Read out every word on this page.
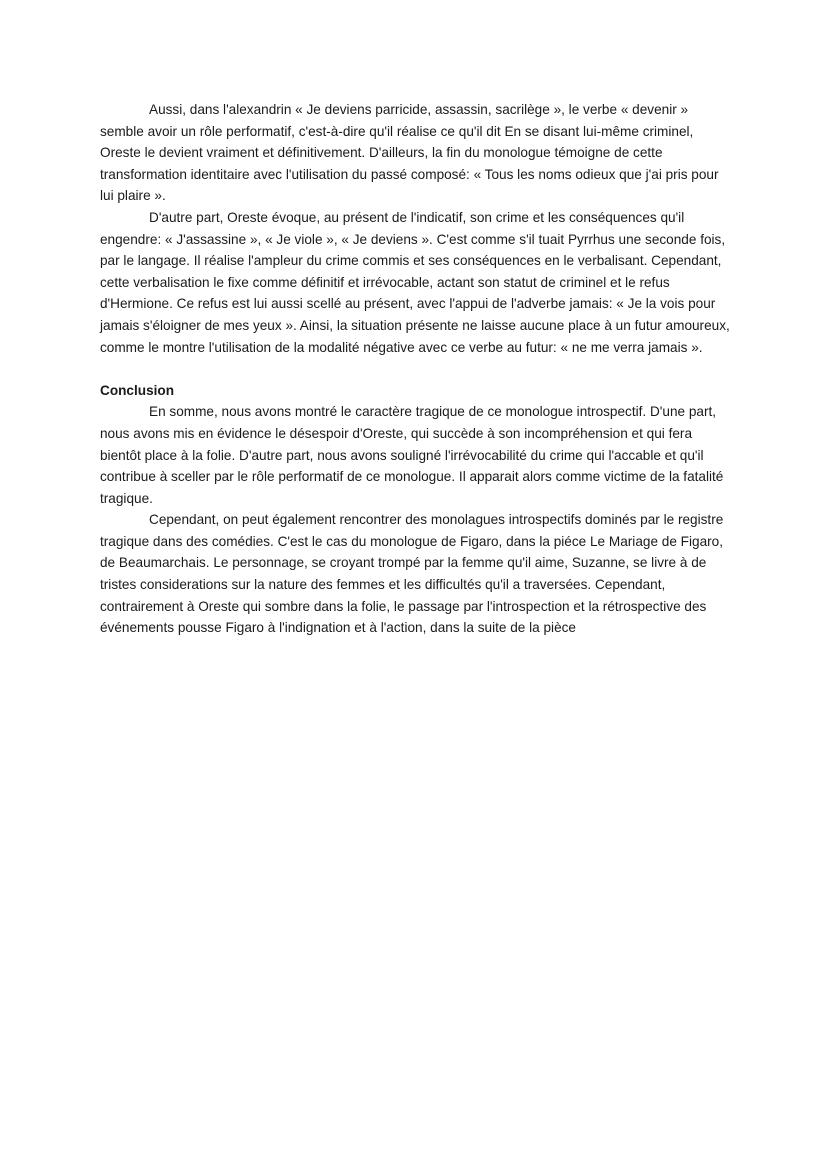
Aussi, dans l'alexandrin « Je deviens parricide, assassin, sacrilège », le verbe « devenir » semble avoir un rôle performatif, c'est-à-dire qu'il réalise ce qu'il dit En se disant lui-même criminel, Oreste le devient vraiment et définitivement. D'ailleurs, la fin du monologue témoigne de cette transformation identitaire avec l'utilisation du passé composé: « Tous les noms odieux que j'ai pris pour lui plaire ».

D'autre part, Oreste évoque, au présent de l'indicatif, son crime et les conséquences qu'il engendre: « J'assassine », « Je viole », « Je deviens ». C'est comme s'il tuait Pyrrhus une seconde fois, par le langage. Il réalise l'ampleur du crime commis et ses conséquences en le verbalisant. Cependant, cette verbalisation le fixe comme définitif et irrévocable, actant son statut de criminel et le refus d'Hermione. Ce refus est lui aussi scellé au présent, avec l'appui de l'adverbe jamais: « Je la vois pour jamais s'éloigner de mes yeux ». Ainsi, la situation présente ne laisse aucune place à un futur amoureux, comme le montre l'utilisation de la modalité négative avec ce verbe au futur: « ne me verra jamais ».

Conclusion

En somme, nous avons montré le caractère tragique de ce monologue introspectif. D'une part, nous avons mis en évidence le désespoir d'Oreste, qui succède à son incompréhension et qui fera bientôt place à la folie. D'autre part, nous avons souligné l'irrévocabilité du crime qui l'accable et qu'il contribue à sceller par le rôle performatif de ce monologue. Il apparait alors comme victime de la fatalité tragique.

Cependant, on peut également rencontrer des monolagues introspectifs dominés par le registre tragique dans des comédies. C'est le cas du monologue de Figaro, dans la piéce Le Mariage de Figaro, de Beaumarchais. Le personnage, se croyant trompé par la femme qu'il aime, Suzanne, se livre à de tristes considerations sur la nature des femmes et les difficultés qu'il a traversées. Cependant, contrairement à Oreste qui sombre dans la folie, le passage par l'introspection et la rétrospective des événements pousse Figaro à l'indignation et à l'action, dans la suite de la pièce
